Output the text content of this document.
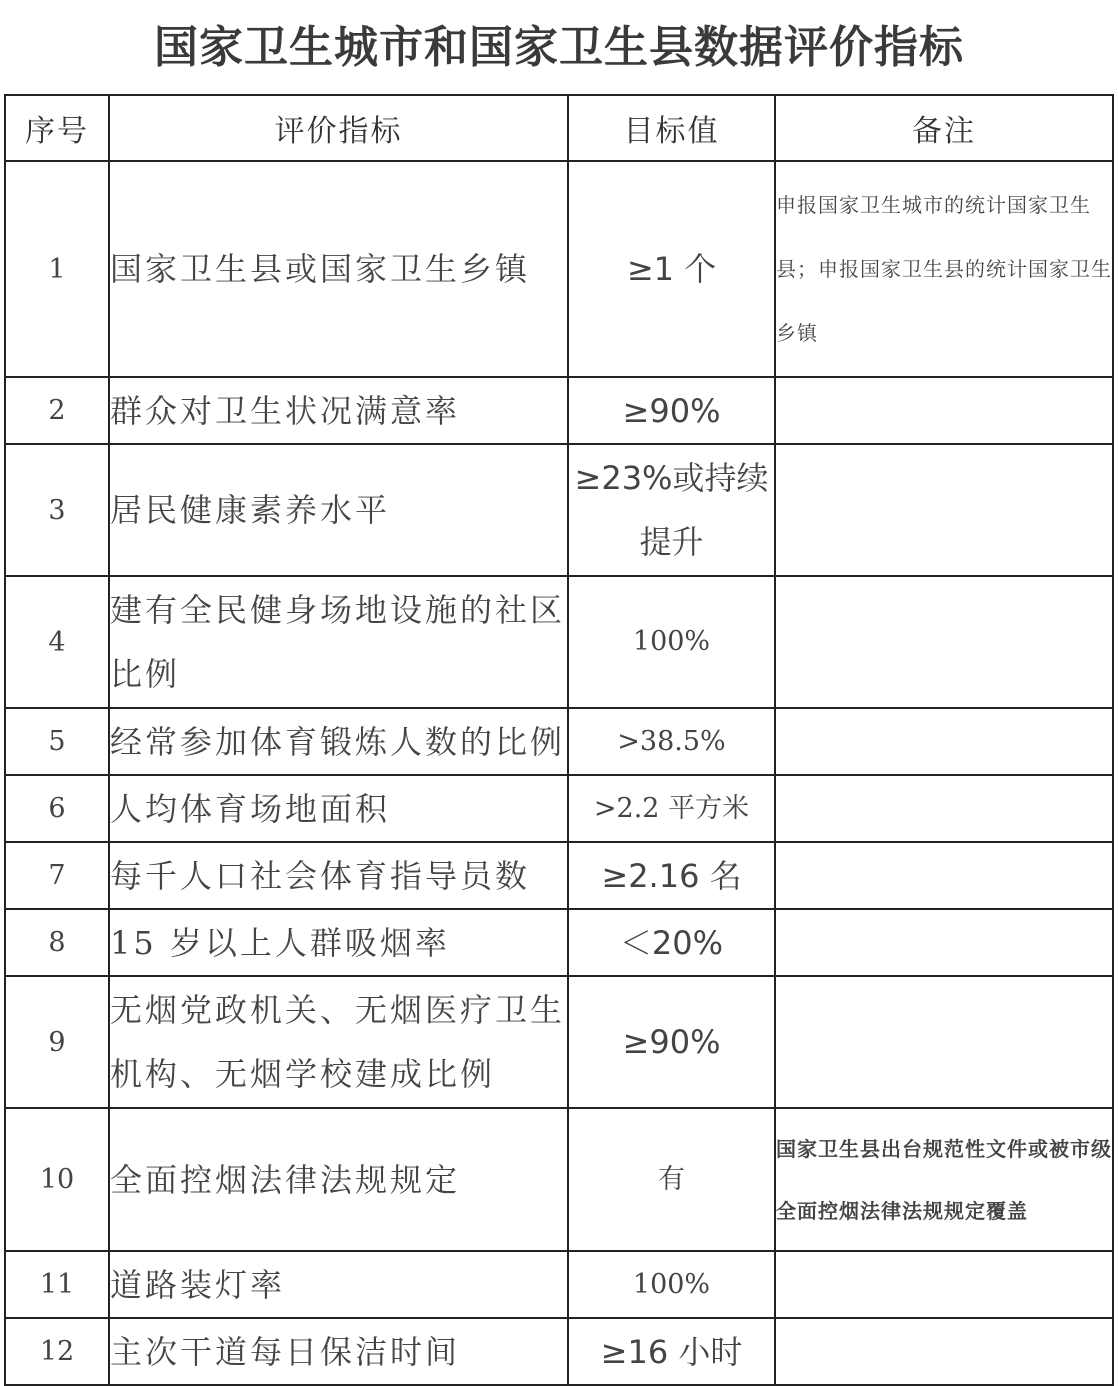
国家卫生城市和国家卫生县数据评价指标
序号	评价指标	目标值	备注
1	国家卫生县或国家卫生乡镇	≥1 个	申报国家卫生城市的统计国家卫生县；申报国家卫生县的统计国家卫生乡镇
2	群众对卫生状况满意率	≥90%	
3	居民健康素养水平	≥23%或持续提升	
4	建有全民健身场地设施的社区比例	100%	
5	经常参加体育锻炼人数的比例	>38.5%	
6	人均体育场地面积	>2.2 平方米	
7	每千人口社会体育指导员数	≥2.16 名	
8	15 岁以上人群吸烟率	＜20%	
9	无烟党政机关、无烟医疗卫生机构、无烟学校建成比例	≥90%	
10	全面控烟法律法规规定	有	国家卫生县出台规范性文件或被市级全面控烟法律法规规定覆盖
11	道路装灯率	100%	
12	主次干道每日保洁时间	≥16 小时	
